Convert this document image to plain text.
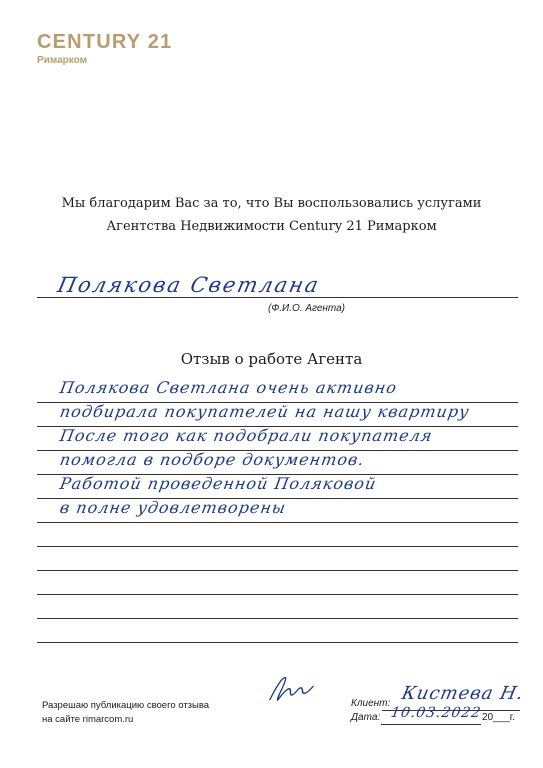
CENTURY 21
Римарком
Мы благодарим Вас за то, что Вы воспользовались услугами
Агентства Недвижимости Century 21 Римарком
Полякова Светлана
(Ф.И.О. Агента)
Отзыв о работе Агента
Полякова Светлана очень активно
подбирала покупателей на нашу квартиру
После того как подобрали покупателя
помогла в подборе документов.
Работой проведенной Поляковой
в полне удовлетворены
Разрешаю публикацию своего отзыва
на сайте rimarcom.ru
Клиент: Кистева Н.
Дата: 10.03.2022 20___г.
